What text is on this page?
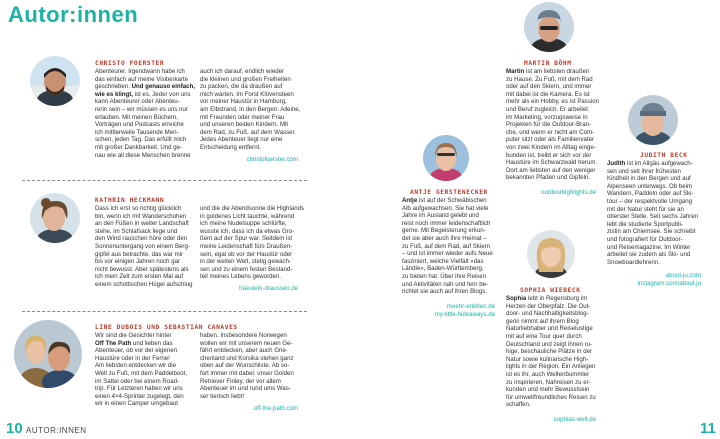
Autor:innen
CHRISTO FOERSTER
Abenteurer. Irgendwann habe ich
das einfach auf meine Visitenkarte
geschrieben. Und genauso einfach,
wie es klingt, ist es. Jeder von uns
kann Abenteurer oder Abenteu-
rerin sein – wir müssen es uns nur
erlauben. Mit meinen Büchern,
Vorträgen und Podcasts erreiche
ich mittlerweile Tausende Men-
schen, jeden Tag. Das erfüllt mich
mit großer Dankbarkeit. Und ge-
nau wie all diese Menschen brenne
auch ich darauf, endlich wieder
die kleinen und großen Freiheiten
zu packen, die da draußen auf
mich warten. Im Forst Klövensteen
vor meiner Haustür in Hamburg,
am Elbstrand, in den Bergen. Alleine,
mit Freunden oder meiner Frau
und unseren beiden Kindern. Mit
dem Rad, zu Fuß, auf dem Wasser.
Jedes Abenteuer liegt nur eine
Entscheidung entfernt.
christofoerster.com
KATHRIN HECKMANN
Dass ich erst so richtig glücklich
bin, wenn ich mit Wanderschuhen
an den Füßen in weiter Landschaft
stehe, im Schlafsack liege und
den Wind rauschen höre oder den
Sonnenuntergang von einem Berg-
gipfel aus betrachte, das war mir
bis vor einigen Jahren noch gar
nicht bewusst. Aber spätestens als
ich mein Zelt zum ersten Mal auf
einem schottischen Hügel aufschlug
und die die Abendsonne die Highlands
in goldenes Licht tauchte, während
ich meine Nudelsuppe schlürfte,
wusste ich, dass ich da etwas Gro-
ßem auf der Spur war. Seitdem ist
meine Leidenschaft fürs Draußen-
sein, egal ob vor der Haustür oder
in der weiten Welt, stetig gewach-
sen und zu einem festen Bestand-
teil meines Lebens geworden.
fraeulein-draussen.de
LINE DUBOIS UND SEBASTIAN CANAVES
Wir sind die Gesichter hinter
Off The Path und lieben das
Abenteuer, ob vor der eigenen
Haustüre oder in der Ferne!
Am liebsten entdecken wir die
Welt zu Fuß, mit dem Paddelboot,
im Sattel oder bei einem Road-
trip. Für Letzteren haben wir uns
einen 4×4-Sprinter zugelegt, den
wir in einen Camper umgebaut
haben. Insbesondere Norwegen
wollen wir mit unserem neuen Ge-
fährt entdecken, aber auch Grie-
chenland und Korsika stehen ganz
oben auf der Wunschliste. Ab so-
fort immer mit dabei: unser Golden
Retriever Finley, der vor allem
Abenteuer im und rund ums Was-
ser tierisch liebt!
off-the-path.com
10 AUTOR:INNEN
MARTIN BÖHM
Martin ist am liebsten draußen
zu Hause. Zu Fuß, mit dem Rad
oder auf den Skiern, und immer
mit dabei ist die Kamera. Es ist
mehr als ein Hobby, es ist Passion
und Beruf zugleich. Er arbeitet
im Marketing, vorzugsweise in
Projekten für die Outdoor-Bran-
che, und wenn er nicht am Com-
puter sitzt oder als Familienvater
von zwei Kindern im Alltag einge-
bunden ist, treibt er sich vor der
Haustüre im Schwarzwald herum.
Dort am liebsten auf den weniger
bekannten Pfaden und Gipfeln.
outdoorhighlights.de
JUDITH BECK
Judith ist im Allgäu aufgewach-
sen und seit ihrer frühesten
Kindheit in den Bergen und auf
Alpenseen unterwegs. Ob beim
Wandern, Paddeln oder auf Ski-
tour – der respektvolle Umgang
mit der Natur steht für sie an
oberster Stelle. Seit sechs Jahren
lebt die studierte Sportpubli-
zistin am Chiemsee. Sie schreibt
und fotografiert für Outdoor-
und Reisemagazine. Im Winter
arbeitet sie zudem als Ski- und
Snowboardlehrerin.
about-ju.com
instagram.com/about.ju
ANTJE GERSTENECKER
Antje ist auf der Schwäbischen
Alb aufgewachsen. Sie hat viele
Jahre im Ausland gelebt und
reist noch immer leidenschaftlich
gerne. Mit Begeisterung erkun-
det sie aber auch ihre Heimat –
zu Fuß, auf dem Rad, auf Skiern
– und ist immer wieder aufs Neue
fasziniert, welche Vielfalt »das
Ländle«, Baden-Württemberg,
zu bieten hat. Über ihre Reisen
und Aktivitäten nah und fern be-
richtet sie auch auf ihren Blogs.
meehr-erleben.de
my-little-hideaways.de
SOPHIA WIEBECK
Sophia lebt in Regensburg im
Herzen der Oberpfalz. Die Out-
door- und Nachhaltigkeitsblog-
gerin nimmt auf ihrem Blog
Naturliebhaber und Reiselustige
mit auf eine Tour quer durch
Deutschland und zeigt ihnen ru-
hige, beschauliche Plätze in der
Natur sowie kulinarische High-
lights in der Region. Ein Anliegen
ist es ihr, auch Weltenbummler
zu inspirieren, Nahreisen zu er-
kunden und mehr Bewusstsein
für umweltfreundliches Reisen zu
schaffen.
sophias-welt.de
11
